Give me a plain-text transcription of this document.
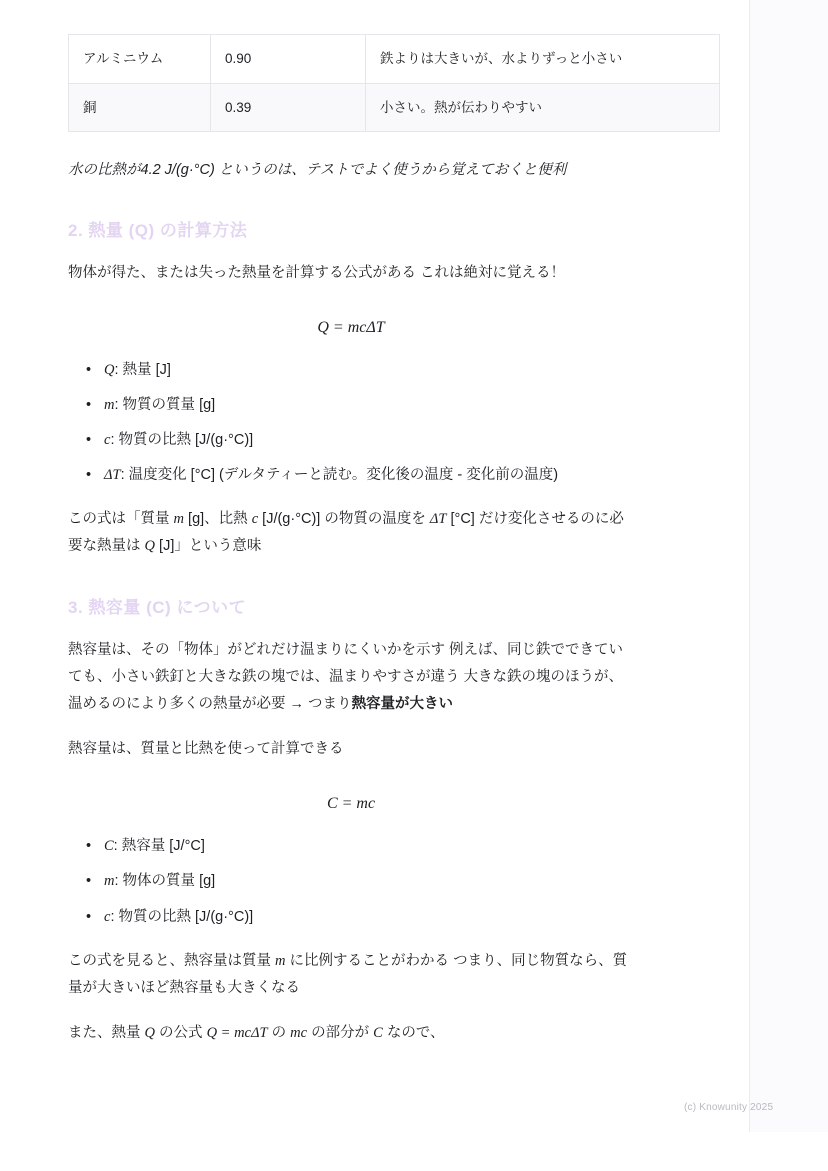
アルミニウム	0.90	鉄よりは大きいが、水よりずっと小さい
銅	0.39	小さい。熱が伝わりやすい

水の比熱が4.2 J/(g·°C) というのは、テストでよく使うから覚えておくと便利

2. 熱量 (Q) の計算方法

物体が得た、または失った熱量を計算する公式がある これは絶対に覚える！

Q = mcΔT
• Q: 熱量 [J]
• m: 物質の質量 [g]
• c: 物質の比熱 [J/(g·°C)]
• ΔT: 温度変化 [°C] (デルタティーと読む。変化後の温度 - 変化前の温度)

この式は「質量 m [g]、比熱 c [J/(g·°C)] の物質の温度を ΔT [°C] だけ変化させるのに必要な熱量は Q [J]」という意味

3. 熱容量 (C) について

熱容量は、その「物体」がどれだけ温まりにくいかを示す 例えば、同じ鉄でできていても、小さい鉄釘と大きな鉄の塊では、温まりやすさが違う 大きな鉄の塊のほうが、温めるのにより多くの熱量が必要 → つまり熱容量が大きい

熱容量は、質量と比熱を使って計算できる

C = mc
• C: 熱容量 [J/°C]
• m: 物体の質量 [g]
• c: 物質の比熱 [J/(g·°C)]

この式を見ると、熱容量は質量 m に比例することがわかる つまり、同じ物質なら、質量が大きいほど熱容量も大きくなる

また、熱量 Q の公式 Q = mcΔT の mc の部分が C なので、

(c) Knowunity 2025
